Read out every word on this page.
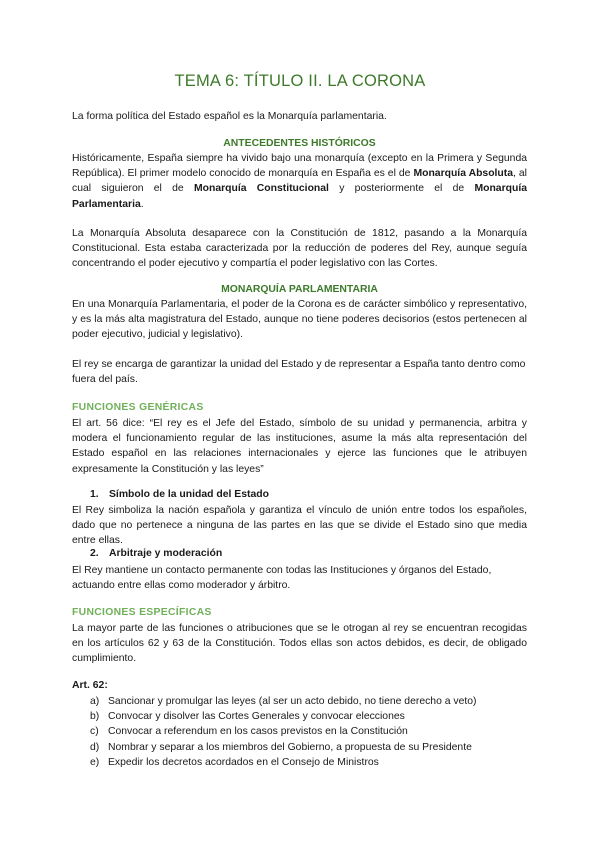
TEMA 6: TÍTULO II. LA CORONA

La forma política del Estado español es la Monarquía parlamentaria.

ANTECEDENTES HISTÓRICOS

Históricamente, España siempre ha vivido bajo una monarquía (excepto en la Primera y Segunda República). El primer modelo conocido de monarquía en España es el de Monarquía Absoluta, al cual siguieron el de Monarquía Constitucional y posteriormente el de Monarquía Parlamentaria.

La Monarquía Absoluta desaparece con la Constitución de 1812, pasando a la Monarquía Constitucional. Esta estaba caracterizada por la reducción de poderes del Rey, aunque seguía concentrando el poder ejecutivo y compartía el poder legislativo con las Cortes.

MONARQUÍA PARLAMENTARIA

En una Monarquía Parlamentaria, el poder de la Corona es de carácter simbólico y representativo, y es la más alta magistratura del Estado, aunque no tiene poderes decisorios (estos pertenecen al poder ejecutivo, judicial y legislativo).

El rey se encarga de garantizar la unidad del Estado y de representar a España tanto dentro como fuera del país.

FUNCIONES GENÉRICAS

El art. 56 dice: “El rey es el Jefe del Estado, símbolo de su unidad y permanencia, arbitra y modera el funcionamiento regular de las instituciones, asume la más alta representación del Estado español en las relaciones internacionales y ejerce las funciones que le atribuyen expresamente la Constitución y las leyes”

1. Símbolo de la unidad del Estado

El Rey simboliza la nación española y garantiza el vínculo de unión entre todos los españoles, dado que no pertenece a ninguna de las partes en las que se divide el Estado sino que media entre ellas.

2. Arbitraje y moderación

El Rey mantiene un contacto permanente con todas las Instituciones y órganos del Estado, actuando entre ellas como moderador y árbitro.

FUNCIONES ESPECÍFICAS

La mayor parte de las funciones o atribuciones que se le otrogan al rey se encuentran recogidas en los artículos 62 y 63 de la Constitución. Todos ellas son actos debidos, es decir, de obligado cumplimiento.

Art. 62:

a) Sancionar y promulgar las leyes (al ser un acto debido, no tiene derecho a veto)
b) Convocar y disolver las Cortes Generales y convocar elecciones
c) Convocar a referendum en los casos previstos en la Constitución
d) Nombrar y separar a los miembros del Gobierno, a propuesta de su Presidente
e) Expedir los decretos acordados en el Consejo de Ministros
